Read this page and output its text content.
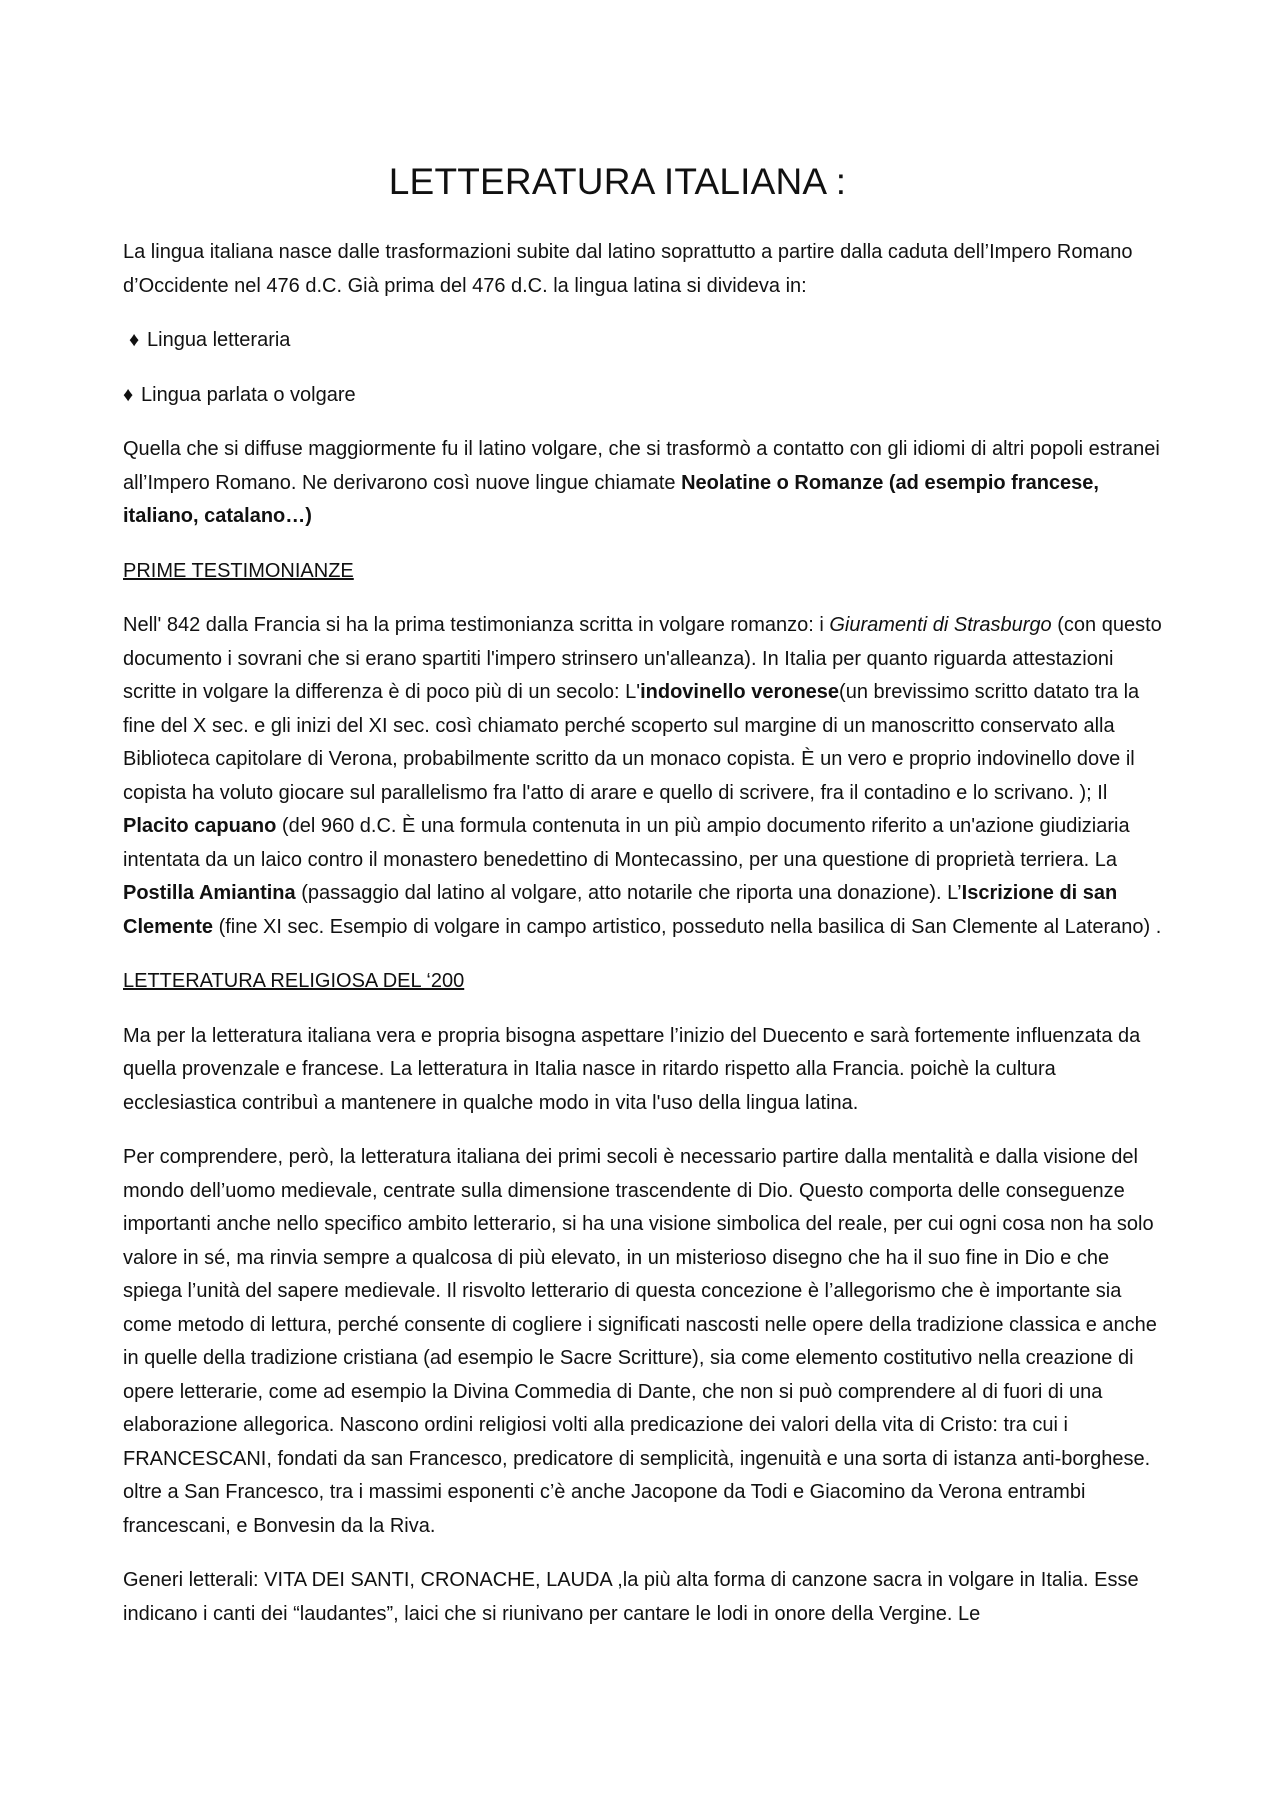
LETTERATURA ITALIANA :

La lingua italiana nasce dalle trasformazioni subite dal latino soprattutto a partire dalla caduta dell’Impero Romano d’Occidente nel 476 d.C. Già prima del 476 d.C. la lingua latina si divideva in:

♦ Lingua letteraria

♦ Lingua parlata o volgare

Quella che si diffuse maggiormente fu il latino volgare, che si trasformò a contatto con gli idiomi di altri popoli estranei all’Impero Romano. Ne derivarono così nuove lingue chiamate Neolatine o Romanze (ad esempio francese, italiano, catalano…)

PRIME TESTIMONIANZE

Nell' 842 dalla Francia si ha la prima testimonianza scritta in volgare romanzo: i Giuramenti di Strasburgo (con questo documento i sovrani che si erano spartiti l'impero strinsero un'alleanza). In Italia per quanto riguarda attestazioni scritte in volgare la differenza è di poco più di un secolo: L'indovinello veronese(un brevissimo scritto datato tra la fine del X sec. e gli inizi del XI sec. così chiamato perché scoperto sul margine di un manoscritto conservato alla Biblioteca capitolare di Verona, probabilmente scritto da un monaco copista. È un vero e proprio indovinello dove il copista ha voluto giocare sul parallelismo fra l'atto di arare e quello di scrivere, fra il contadino e lo scrivano. ); Il Placito capuano (del 960 d.C. È una formula contenuta in un più ampio documento riferito a un'azione giudiziaria intentata da un laico contro il monastero benedettino di Montecassino, per una questione di proprietà terriera. La Postilla Amiantina (passaggio dal latino al volgare, atto notarile che riporta una donazione). L’Iscrizione di san Clemente (fine XI sec. Esempio di volgare in campo artistico, posseduto nella basilica di San Clemente al Laterano) .

LETTERATURA RELIGIOSA DEL ‘200

Ma per la letteratura italiana vera e propria bisogna aspettare l’inizio del Duecento e sarà fortemente influenzata da quella provenzale e francese. La letteratura in Italia nasce in ritardo rispetto alla Francia. poichè la cultura ecclesiastica contribuì a mantenere in qualche modo in vita l'uso della lingua latina.

Per comprendere, però, la letteratura italiana dei primi secoli è necessario partire dalla mentalità e dalla visione del mondo dell’uomo medievale, centrate sulla dimensione trascendente di Dio. Questo comporta delle conseguenze importanti anche nello specifico ambito letterario, si ha una visione simbolica del reale, per cui ogni cosa non ha solo valore in sé, ma rinvia sempre a qualcosa di più elevato, in un misterioso disegno che ha il suo fine in Dio e che spiega l’unità del sapere medievale. Il risvolto letterario di questa concezione è l’allegorismo che è importante sia come metodo di lettura, perché consente di cogliere i significati nascosti nelle opere della tradizione classica e anche in quelle della tradizione cristiana (ad esempio le Sacre Scritture), sia come elemento costitutivo nella creazione di opere letterarie, come ad esempio la Divina Commedia di Dante, che non si può comprendere al di fuori di una elaborazione allegorica. Nascono ordini religiosi volti alla predicazione dei valori della vita di Cristo: tra cui i FRANCESCANI, fondati da san Francesco, predicatore di semplicità, ingenuità e una sorta di istanza anti-borghese. oltre a San Francesco, tra i massimi esponenti c’è anche Jacopone da Todi e Giacomino da Verona entrambi francescani, e Bonvesin da la Riva.

Generi letterali: VITA DEI SANTI, CRONACHE, LAUDA ,la più alta forma di canzone sacra in volgare in Italia. Esse indicano i canti dei “laudantes”, laici che si riunivano per cantare le lodi in onore della Vergine. Le
